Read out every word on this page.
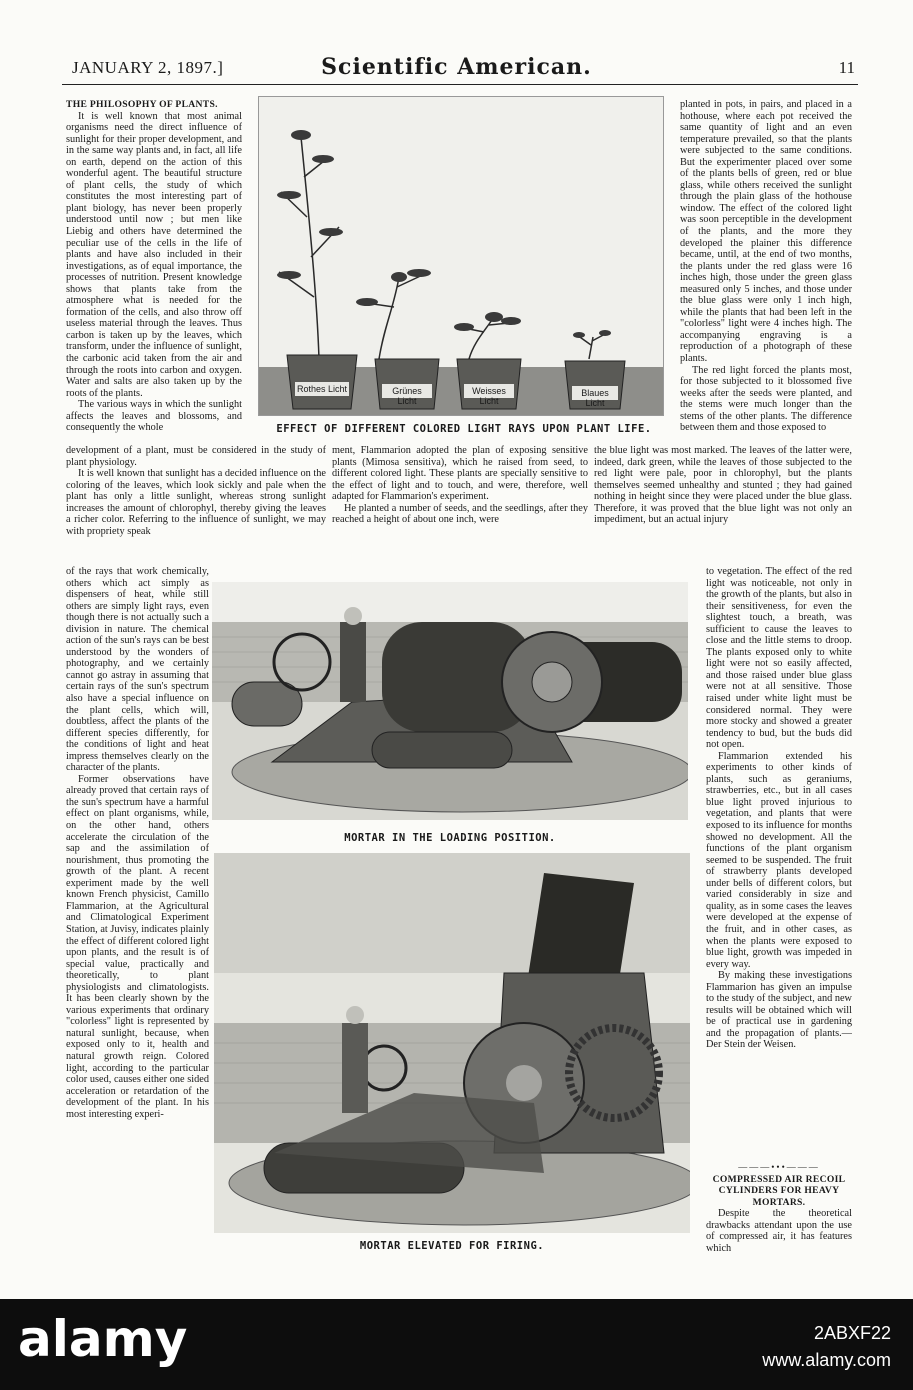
JANUARY 2, 1897.]	Scientific American.	11

THE PHILOSOPHY OF PLANTS.

It is well known that most animal organisms need the direct influence of sunlight for their proper development, and in the same way plants and, in fact, all life on earth, depend on the action of this wonderful agent. The beautiful structure of plant cells, the study of which constitutes the most interesting part of plant biology, has never been properly understood until now ; but men like Liebig and others have determined the peculiar use of the cells in the life of plants and have also included in their investigations, as of equal importance, the processes of nutrition. Present knowledge shows that plants take from the atmosphere what is needed for the formation of the cells, and also throw off useless material through the leaves. Thus carbon is taken up by the leaves, which transform, under the influence of sunlight, the carbonic acid taken from the air and through the roots into carbon and oxygen. Water and salts are also taken up by the roots of the plants.

The various ways in which the sunlight affects the leaves and blossoms, and consequently the whole

Rothes Licht	Grünes Licht
Weisses Licht
Blaues Licht
EFFECT OF DIFFERENT COLORED LIGHT RAYS UPON PLANT LIFE.

planted in pots, in pairs, and placed in a hothouse, where each pot received the same quantity of light and an even temperature prevailed, so that the plants were subjected to the same conditions. But the experimenter placed over some of the plants bells of green, red or blue glass, while others received the sunlight through the plain glass of the hothouse window. The effect of the colored light was soon perceptible in the development of the plants, and the more they developed the plainer this difference became, until, at the end of two months, the plants under the red glass were 16 inches high, those under the green glass measured only 5 inches, and those under the blue glass were only 1 inch high, while the plants that had been left in the "colorless" light were 4 inches high. The accompanying engraving is a reproduction of a photograph of these plants.

The red light forced the plants most, for those subjected to it blossomed five weeks after the seeds were planted, and the stems were much longer than the stems of the other plants. The difference between them and those exposed to

development of a plant, must be considered in the study of plant physiology.

It is well known that sunlight has a decided influence on the coloring of the leaves, which look sickly and pale when the plant has only a little sunlight, whereas strong sunlight increases the amount of chlorophyl, thereby giving the leaves a richer color. Referring to the influence of sunlight, we may with propriety speak

ment, Flammarion adopted the plan of exposing sensitive plants (Mimosa sensitiva), which he raised from seed, to different colored light. These plants are specially sensitive to the effect of light and to touch, and were, therefore, well adapted for Flammarion's experiment.

He planted a number of seeds, and the seedlings, after they reached a height of about one inch, were

the blue light was most marked. The leaves of the latter were, indeed, dark green, while the leaves of those subjected to the red light were pale, poor in chlorophyl, but the plants themselves seemed unhealthy and stunted ; they had gained nothing in height since they were placed under the blue glass. Therefore, it was proved that the blue light was not only an impediment, but an actual injury

of the rays that work chemically, others which act simply as dispensers of heat, while still others are simply light rays, even though there is not actually such a division in nature. The chemical action of the sun's rays can be best understood by the wonders of photography, and we certainly cannot go astray in assuming that certain rays of the sun's spectrum also have a special influence on the plant cells, which will, doubtless, affect the plants of the different species differently, for the conditions of light and heat impress themselves clearly on the character of the plants.

Former observations have already proved that certain rays of the sun's spectrum have a harmful effect on plant organisms, while, on the other hand, others accelerate the circulation of the sap and the assimilation of nourishment, thus promoting the growth of the plant. A recent experiment made by the well known French physicist, Camillo Flammarion, at the Agricultural and Climatological Experiment Station, at Juvisy, indicates plainly the effect of different colored light upon plants, and the result is of special value, practically and theoretically, to plant physiologists and climatologists. It has been clearly shown by the various experiments that ordinary "colorless" light is represented by natural sunlight, because, when exposed only to it, health and natural growth reign. Colored light, according to the particular color used, causes either one sided acceleration or retardation of the development of the plant. In his most interesting experi-

MORTAR IN THE LOADING POSITION.

to vegetation. The effect of the red light was noticeable, not only in the growth of the plants, but also in their sensitiveness, for even the slightest touch, a breath, was sufficient to cause the leaves to close and the little stems to droop. The plants exposed only to white light were not so easily affected, and those raised under blue glass were not at all sensitive. Those raised under white light must be considered normal. They were more stocky and showed a greater tendency to bud, but the buds did not open.

Flammarion extended his experiments to other kinds of plants, such as geraniums, strawberries, etc., but in all cases blue light proved injurious to vegetation, and plants that were exposed to its influence for months showed no development. All the functions of the plant organism seemed to be suspended. The fruit of strawberry plants developed under bells of different colors, but varied considerably in size and quality, as in some cases the leaves were developed at the expense of the fruit, and in other cases, as when the plants were exposed to blue light, growth was impeded in every way.

By making these investigations Flammarion has given an impulse to the study of the subject, and new results will be obtained which will be of practical use in gardening and the propagation of plants.—Der Stein der Weisen.

MORTAR ELEVATED FOR FIRING.

———•••———

COMPRESSED AIR RECOIL CYLINDERS FOR HEAVY MORTARS.

Despite the theoretical drawbacks attendant upon the use of compressed air, it has features which

alamy	2ABXF22
www.alamy.com
